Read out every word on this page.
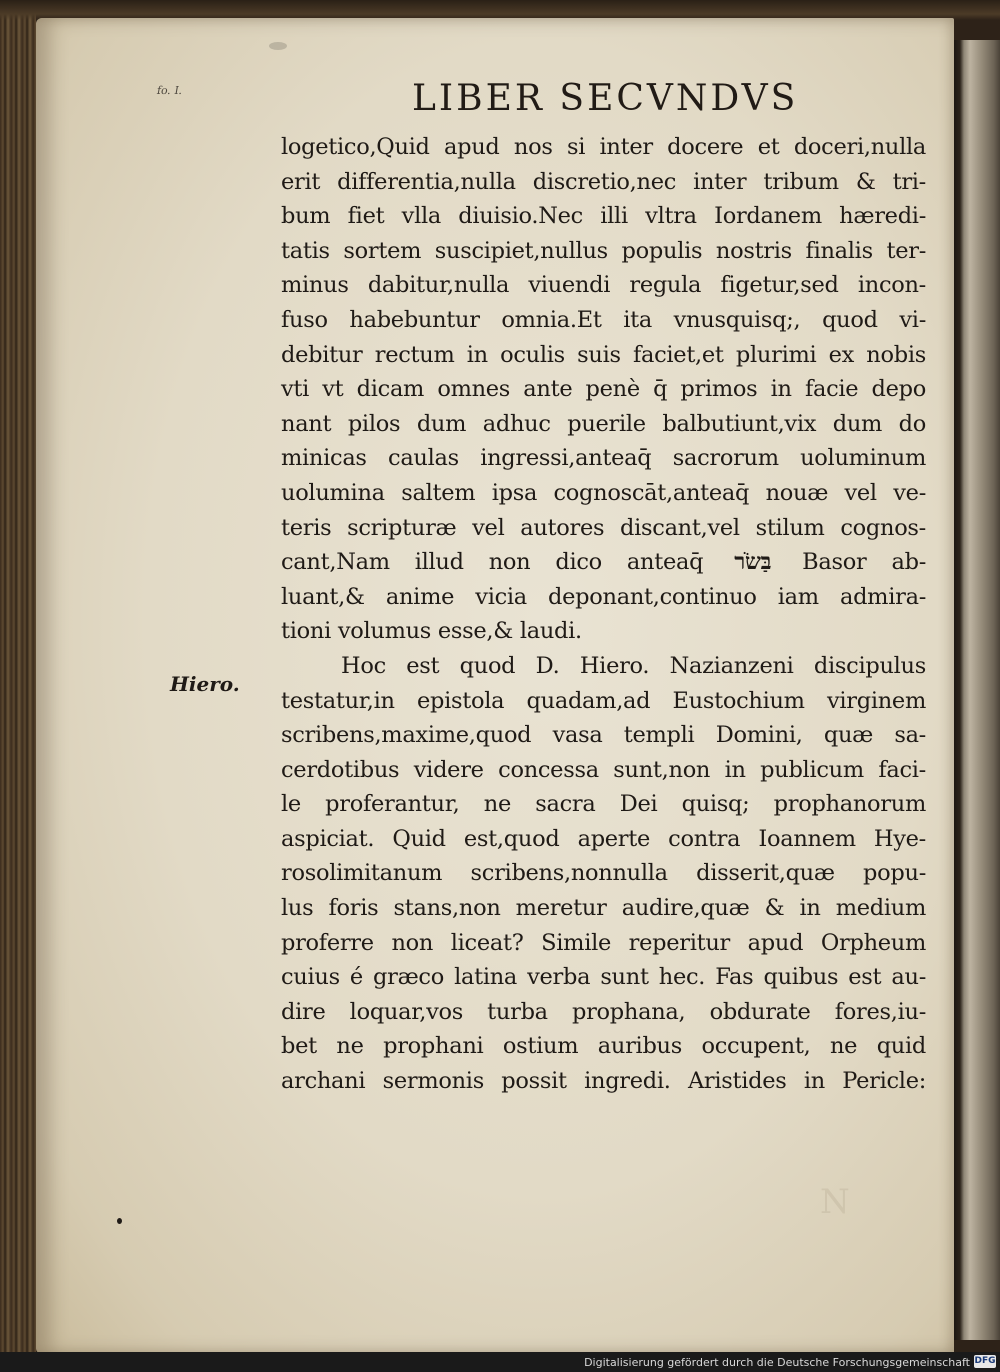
fo. I.	LIBER SECVNDVS
logetico,Quid apud nos si inter docere et doceri,nulla
erit differentia,nulla discretio,nec inter tribum & tri-
bum fiet vlla diuisio.Nec illi vltra Iordanem hæredi-
tatis sortem suscipiet,nullus populis nostris finalis ter-
minus dabitur,nulla viuendi regula figetur,sed incon-
fuso habebuntur omnia.Et ita vnusquisq;, quod vi-
debitur rectum in oculis suis faciet,et plurimi ex nobis
vti vt dicam omnes ante penè q̄ primos in facie depo
nant pilos dum adhuc puerile balbutiunt,vix dum do
minicas caulas ingressi,anteaq̄ sacrorum uoluminum
uolumina saltem ipsa cognoscāt,anteaq̄ nouæ vel ve-
teris scripturæ vel autores discant,vel stilum cognos-
cant,Nam illud non dico anteaq̄ בַּשֹׂר Basor ab-
luant,& anime vicia deponant,continuo iam admira-
tioni volumus esse,& laudi.
Hoc est quod D. Hiero. Nazianzeni discipulus
testatur,in epistola quadam,ad Eustochium virginem
scribens,maxime,quod vasa templi Domini, quæ sa-
cerdotibus videre concessa sunt,non in publicum faci-
le proferantur, ne sacra Dei quisq; prophanorum
aspiciat. Quid est,quod aperte contra Ioannem Hye-
rosolimitanum scribens,nonnulla disserit,quæ popu-
lus foris stans,non meretur audire,quæ & in medium
proferre non liceat? Simile reperitur apud Orpheum
cuius é græco latina verba sunt hec. Fas quibus est au-
dire loquar,vos turba prophana, obdurate fores,iu-
bet ne prophani ostium auribus occupent, ne quid
archani sermonis possit ingredi. Aristides in Pericle:
Hiero.
N
Digitalisierung gefördert durch die Deutsche Forschungsgemeinschaft DFG
